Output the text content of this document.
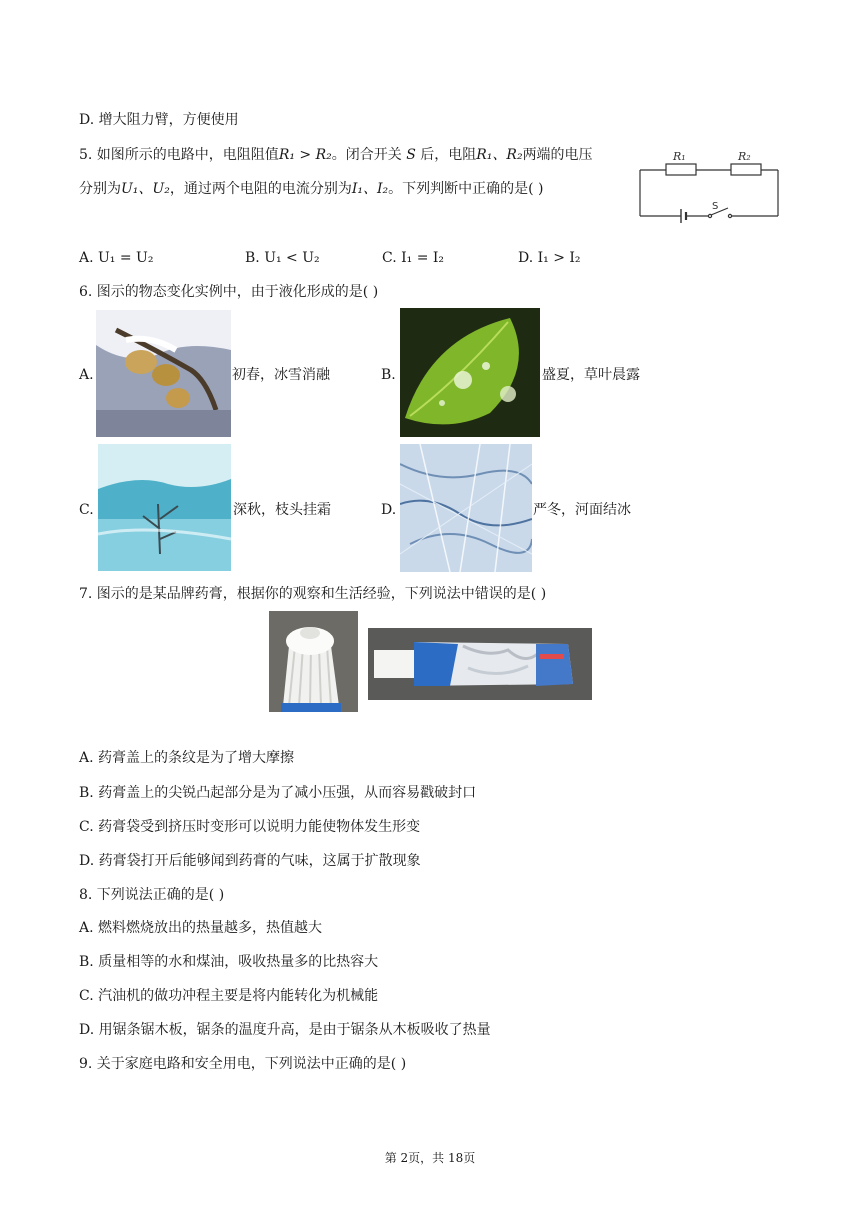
D. 增大阻力臂，方便使用
5. 如图所示的电路中，电阻阻值R₁ > R₂。闭合开关 S 后，电阻R₁、R₂两端的电压
分别为U₁、U₂，通过两个电阻的电流分别为I₁、I₂。下列判断中正确的是( )
R₁	R₂
S
A. U₁ = U₂	B. U₁ < U₂	C. I₁ = I₂	D. I₁ > I₂
6. 图示的物态变化实例中，由于液化形成的是( )
A.	初春，冰雪消融	B.	盛夏，草叶晨露
C.	深秋，枝头挂霜	D.	严冬，河面结冰
7. 图示的是某品牌药膏，根据你的观察和生活经验，下列说法中错误的是( )
A. 药膏盖上的条纹是为了增大摩擦
B. 药膏盖上的尖锐凸起部分是为了减小压强，从而容易戳破封口
C. 药膏袋受到挤压时变形可以说明力能使物体发生形变
D. 药膏袋打开后能够闻到药膏的气味，这属于扩散现象
8. 下列说法正确的是( )
A. 燃料燃烧放出的热量越多，热值越大
B. 质量相等的水和煤油，吸收热量多的比热容大
C. 汽油机的做功冲程主要是将内能转化为机械能
D. 用锯条锯木板，锯条的温度升高，是由于锯条从木板吸收了热量
9. 关于家庭电路和安全用电，下列说法中正确的是( )
第 2页，共 18页
